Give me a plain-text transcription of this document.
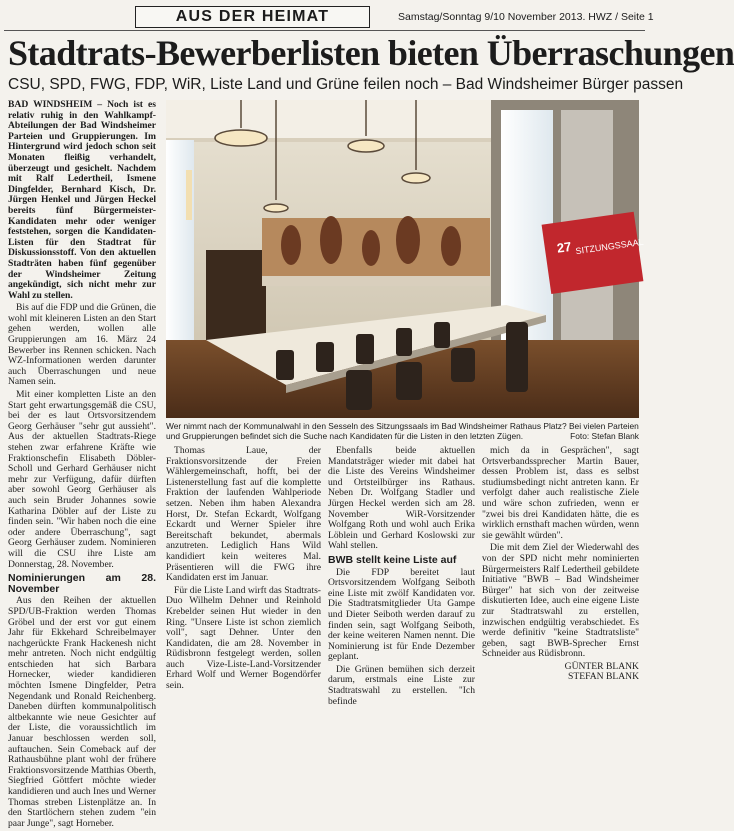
AUS DER HEIMAT	Samstag/Sonntag 9/10 November 2013. HWZ / Seite 1
Stadtrats-Bewerberlisten bieten Überraschungen
CSU, SPD, FWG, FDP, WiR, Liste Land und Grüne feilen noch – Bad Windsheimer Bürger passen

BAD WINDSHEIM – Noch ist es relativ ruhig in den Wahlkampf-Abteilungen der Bad Windsheimer Parteien und Gruppierungen. Im Hintergrund wird jedoch schon seit Monaten fleißig verhandelt, überzeugt und gesichelt. Nachdem mit Ralf Ledertheil, Ismene Dingfelder, Bernhard Kisch, Dr. Jürgen Henkel und Jürgen Heckel bereits fünf Bürgermeister-Kandidaten mehr oder weniger feststehen, sorgen die Kandidaten-Listen für den Stadtrat für Diskussionsstoff. Von den aktuellen Stadträten haben fünf gegenüber der Windsheimer Zeitung angekündigt, sich nicht mehr zur Wahl zu stellen.

Bis auf die FDP und die Grünen, die wohl mit kleineren Listen an den Start gehen werden, wollen alle Gruppierungen am 16. März 24 Bewerber ins Rennen schicken. Nach WZ-Informationen werden darunter auch Überraschungen und neue Namen sein.

Mit einer kompletten Liste an den Start geht erwartungsgemäß die CSU, bei der es laut Ortsvorsitzendem Georg Gerhäuser "sehr gut aussieht". Aus der aktuellen Stadtrats-Riege stehen zwar erfahrene Kräfte wie Fraktionschefin Elisabeth Döbler-Scholl und Gerhard Gerhäuser nicht mehr zur Verfügung, dafür dürften aber sowohl Georg Gerhäuser als auch sein Bruder Johannes sowie Katharina Döbler auf der Liste zu finden sein. "Wir haben noch die eine oder andere Überraschung", sagt Georg Gerhäuser zudem. Nominieren will die CSU ihre Liste am Donnerstag, 28. November.

Nominierungen am 28. November

Aus den Reihen der aktuellen SPD/UB-Fraktion werden Thomas Gröbel und der erst vor gut einem Jahr für Ekkehard Schreibelmayer nachgerückte Frank Hackenesh nicht mehr antreten. Noch nicht endgültig entschieden hat sich Barbara Hornecker, wieder kandidieren möchten Ismene Dingfelder, Petra Negendank und Ronald Reichenberg. Daneben dürften kommunalpolitisch altbekannte wie neue Gesichter auf der Liste, die voraussichtlich im Januar beschlossen werden soll, auftauchen. Sein Comeback auf der Rathausbühne plant wohl der frühere Fraktionsvorsitzende Matthias Oberth, Siegfried Göttfert möchte wieder kandidieren und auch Ines und Werner Thomas streben Listenplätze an. In den Startlöchern stehen zudem "ein paar Junge", sagt Horneber.

27 SITZUNGSSAAL
Wer nimmt nach der Kommunalwahl in den Sesseln des Sitzungssaals im Bad Windsheimer Rathaus Platz? Bei vielen Parteien und Gruppierungen befindet sich die Suche nach Kandidaten für die Listen in den letzten Zügen.	Foto: Stefan Blank

Thomas Laue, der Fraktionsvorsitzende der Freien Wählergemeinschaft, hofft, bei der Listenerstellung fast auf die komplette Fraktion der laufenden Wahlperiode setzen. Neben ihm haben Alexandra Horst, Dr. Stefan Eckardt, Wolfgang Eckardt und Werner Spieler ihre Bereitschaft bekundet, abermals anzutreten. Lediglich Hans Wild kandidiert kein weiteres Mal. Präsentieren will die FWG ihre Kandidaten erst im Januar.

Für die Liste Land wirft das Stadtrats-Duo Wilhelm Dehner und Reinhold Krebelder seinen Hut wieder in den Ring. "Unsere Liste ist schon ziemlich voll", sagt Dehner. Unter den Kandidaten, die am 28. November in Rüdisbronn festgelegt werden, sollen auch Vize-Liste-Land-Vorsitzender Erhard Wolf und Werner Bogendörfer sein.

Ebenfalls beide aktuellen Mandatsträger wieder mit dabei hat die Liste des Vereins Windsheimer und Ortsteilbürger ins Rathaus. Neben Dr. Wolfgang Stadler und Jürgen Heckel werden sich am 28. November WiR-Vorsitzender Wolfgang Roth und wohl auch Erika Löblein und Gerhard Koslowski zur Wahl stellen.

BWB stellt keine Liste auf

Die FDP bereitet laut Ortsvorsitzendem Wolfgang Seiboth eine Liste mit zwölf Kandidaten vor. Die Stadtratsmitglieder Uta Gampe und Dieter Seiboth werden darauf zu finden sein, sagt Wolfgang Seiboth, der keine weiteren Namen nennt. Die Nominierung ist für Ende Dezember geplant.

Die Grünen bemühen sich derzeit darum, erstmals eine Liste zur Stadtratswahl zu erstellen. "Ich befinde

mich da in Gesprächen", sagt Ortsverbandssprecher Martin Bauer, dessen Problem ist, dass es selbst studiumsbedingt nicht antreten kann. Er verfolgt daher auch realistische Ziele und wäre schon zufrieden, wenn er "zwei bis drei Kandidaten hätte, die es wirklich ernsthaft machen würden, wenn sie gewählt würden".

Die mit dem Ziel der Wiederwahl des von der SPD nicht mehr nominierten Bürgermeisters Ralf Ledertheil gebildete Initiative "BWB – Bad Windsheimer Bürger" hat sich von der zeitweise diskutierten Idee, auch eine eigene Liste zur Stadtratswahl zu erstellen, inzwischen endgültig verabschiedet. Es werde definitiv "keine Stadtratsliste" geben, sagt BWB-Sprecher Ernst Schneider aus Rüdisbronn.

GÜNTER BLANK

STEFAN BLANK
